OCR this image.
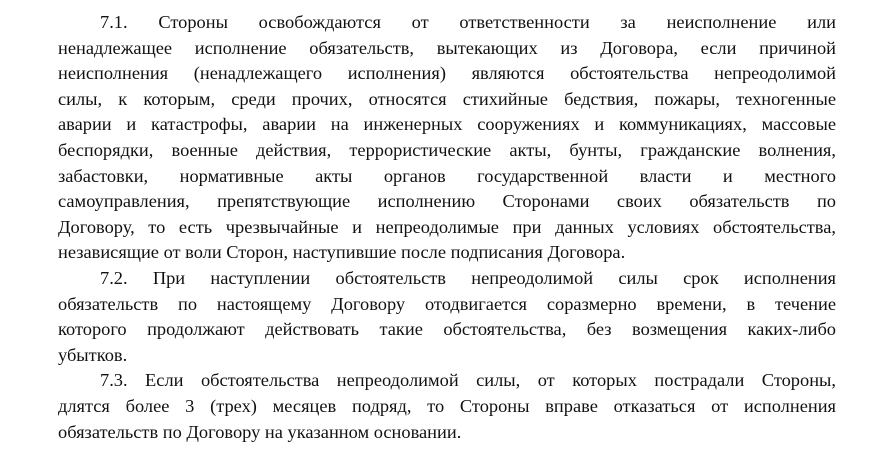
7.1. Стороны освобождаются от ответственности за неисполнение или
ненадлежащее исполнение обязательств, вытекающих из Договора, если причиной
неисполнения (ненадлежащего исполнения) являются обстоятельства непреодолимой
силы, к которым, среди прочих, относятся стихийные бедствия, пожары, техногенные
аварии и катастрофы, аварии на инженерных сооружениях и коммуникациях, массовые
беспорядки, военные действия, террористические акты, бунты, гражданские волнения,
забастовки, нормативные акты органов государственной власти и местного
самоуправления, препятствующие исполнению Сторонами своих обязательств по
Договору, то есть чрезвычайные и непреодолимые при данных условиях обстоятельства,
независящие от воли Сторон, наступившие после подписания Договора.
7.2. При наступлении обстоятельств непреодолимой силы срок исполнения
обязательств по настоящему Договору отодвигается соразмерно времени, в течение
которого продолжают действовать такие обстоятельства, без возмещения каких-либо
убытков.
7.3. Если обстоятельства непреодолимой силы, от которых пострадали Стороны,
длятся более 3 (трех) месяцев подряд, то Стороны вправе отказаться от исполнения
обязательств по Договору на указанном основании.
